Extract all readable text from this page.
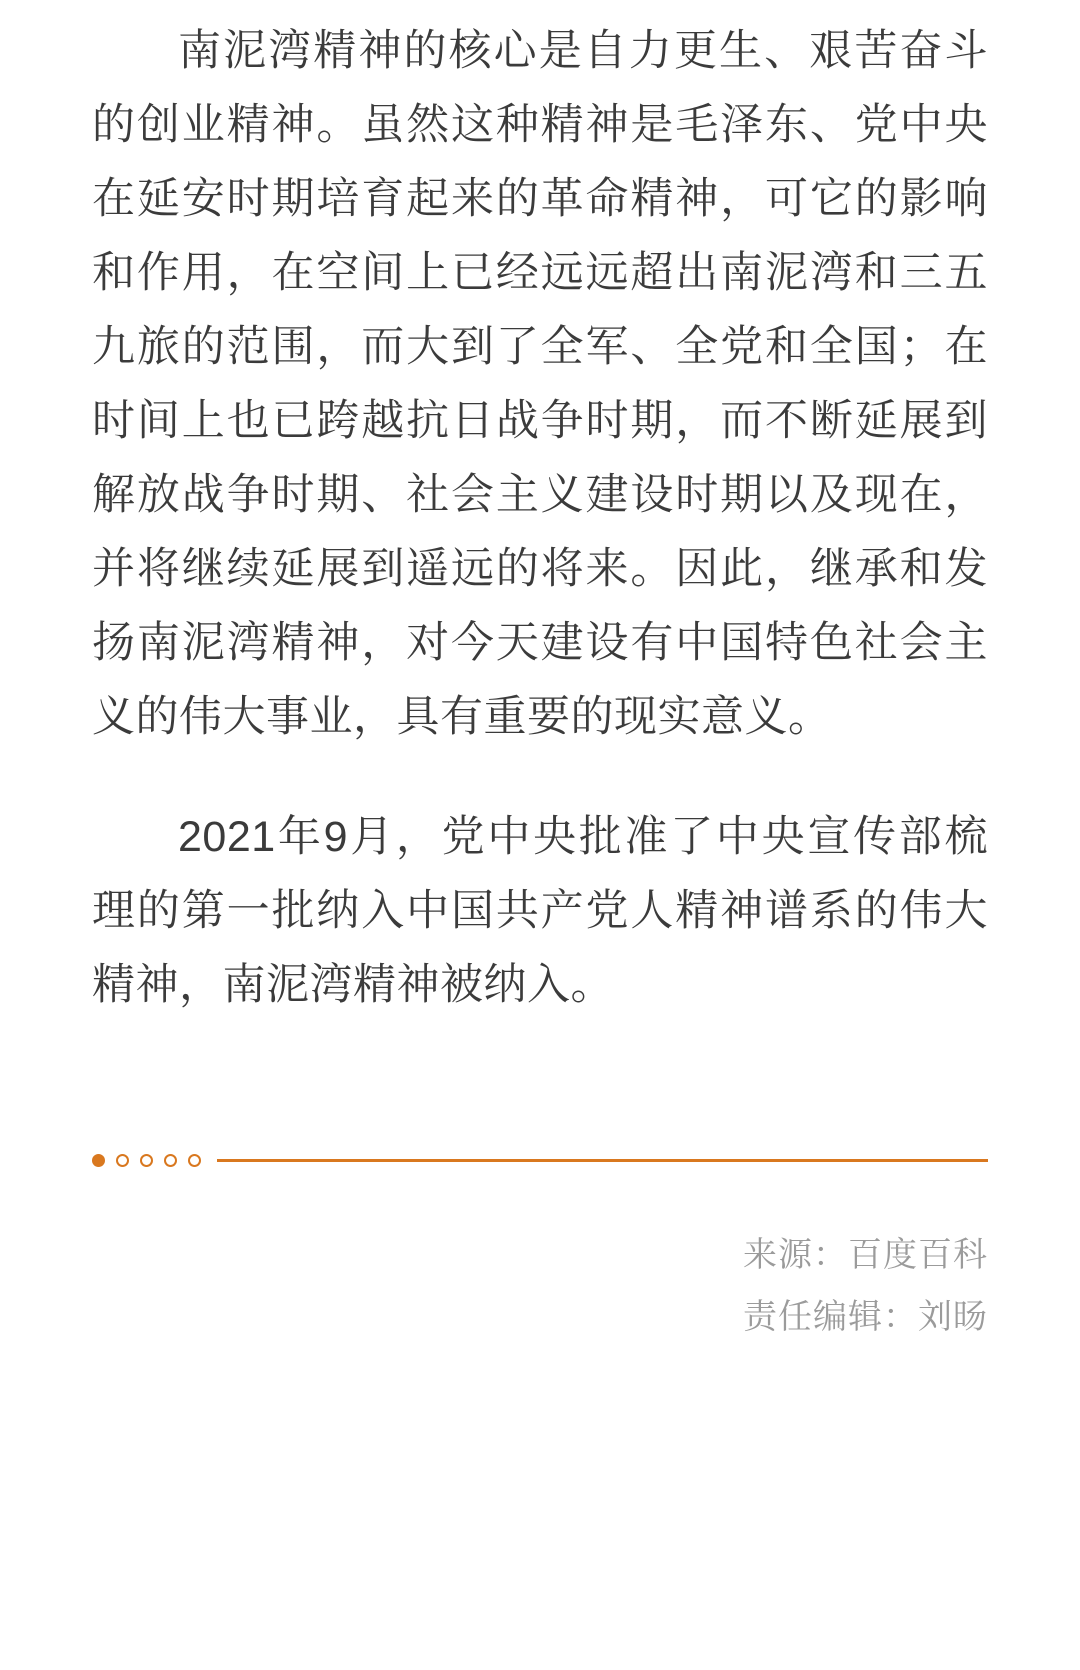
南泥湾精神的核心是自力更生、艰苦奋斗的创业精神。虽然这种精神是毛泽东、党中央在延安时期培育起来的革命精神，可它的影响和作用，在空间上已经远远超出南泥湾和三五九旅的范围，而大到了全军、全党和全国；在时间上也已跨越抗日战争时期，而不断延展到解放战争时期、社会主义建设时期以及现在，并将继续延展到遥远的将来。因此，继承和发扬南泥湾精神，对今天建设有中国特色社会主义的伟大事业，具有重要的现实意义。

2021年9月，党中央批准了中央宣传部梳理的第一批纳入中国共产党人精神谱系的伟大精神，南泥湾精神被纳入。

来源：百度百科
责任编辑：刘旸
